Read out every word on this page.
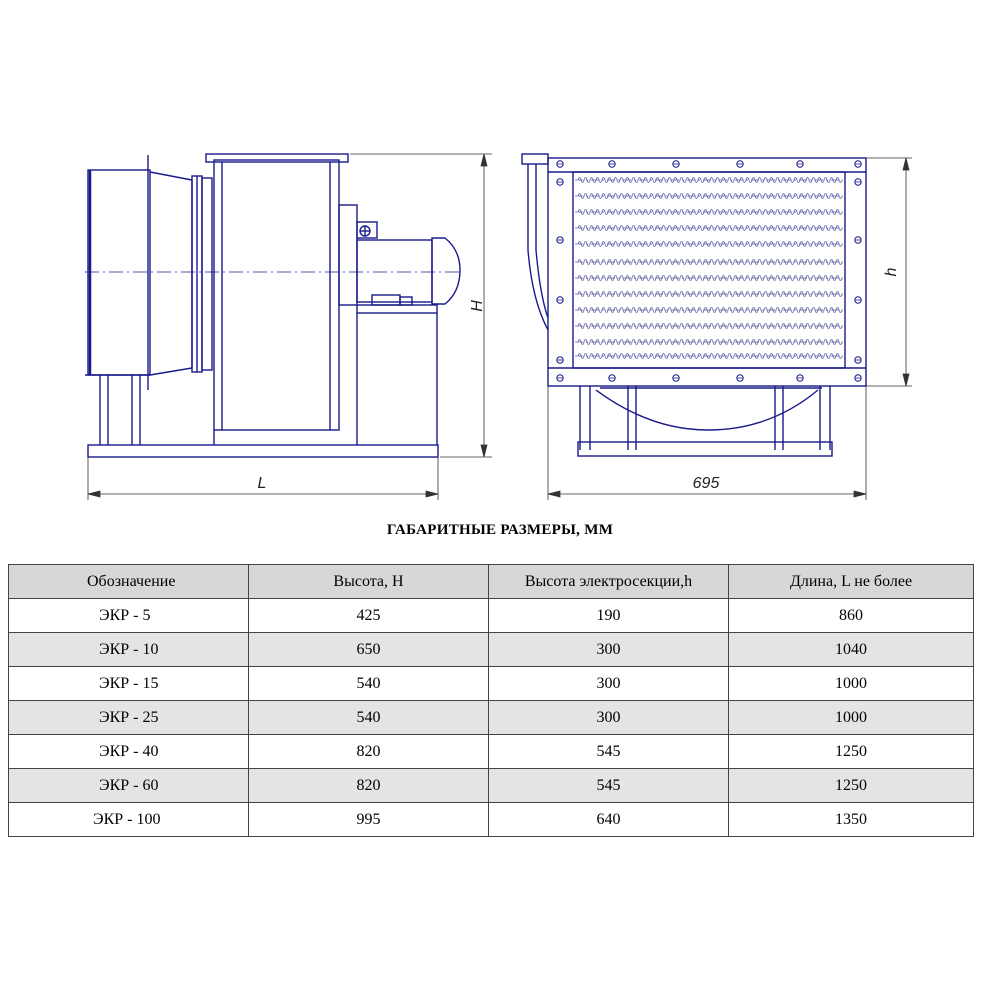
H
L
h
695
ГАБАРИТНЫЕ РАЗМЕРЫ, ММ
Обозначение	Высота, H	Высота электросекции,h	Длина, L не более
ЭКР - 5	425	190	860
ЭКР - 10	650	300	1040
ЭКР - 15	540	300	1000
ЭКР - 25	540	300	1000
ЭКР - 40	820	545	1250
ЭКР - 60	820	545	1250
ЭКР - 100	995	640	1350
